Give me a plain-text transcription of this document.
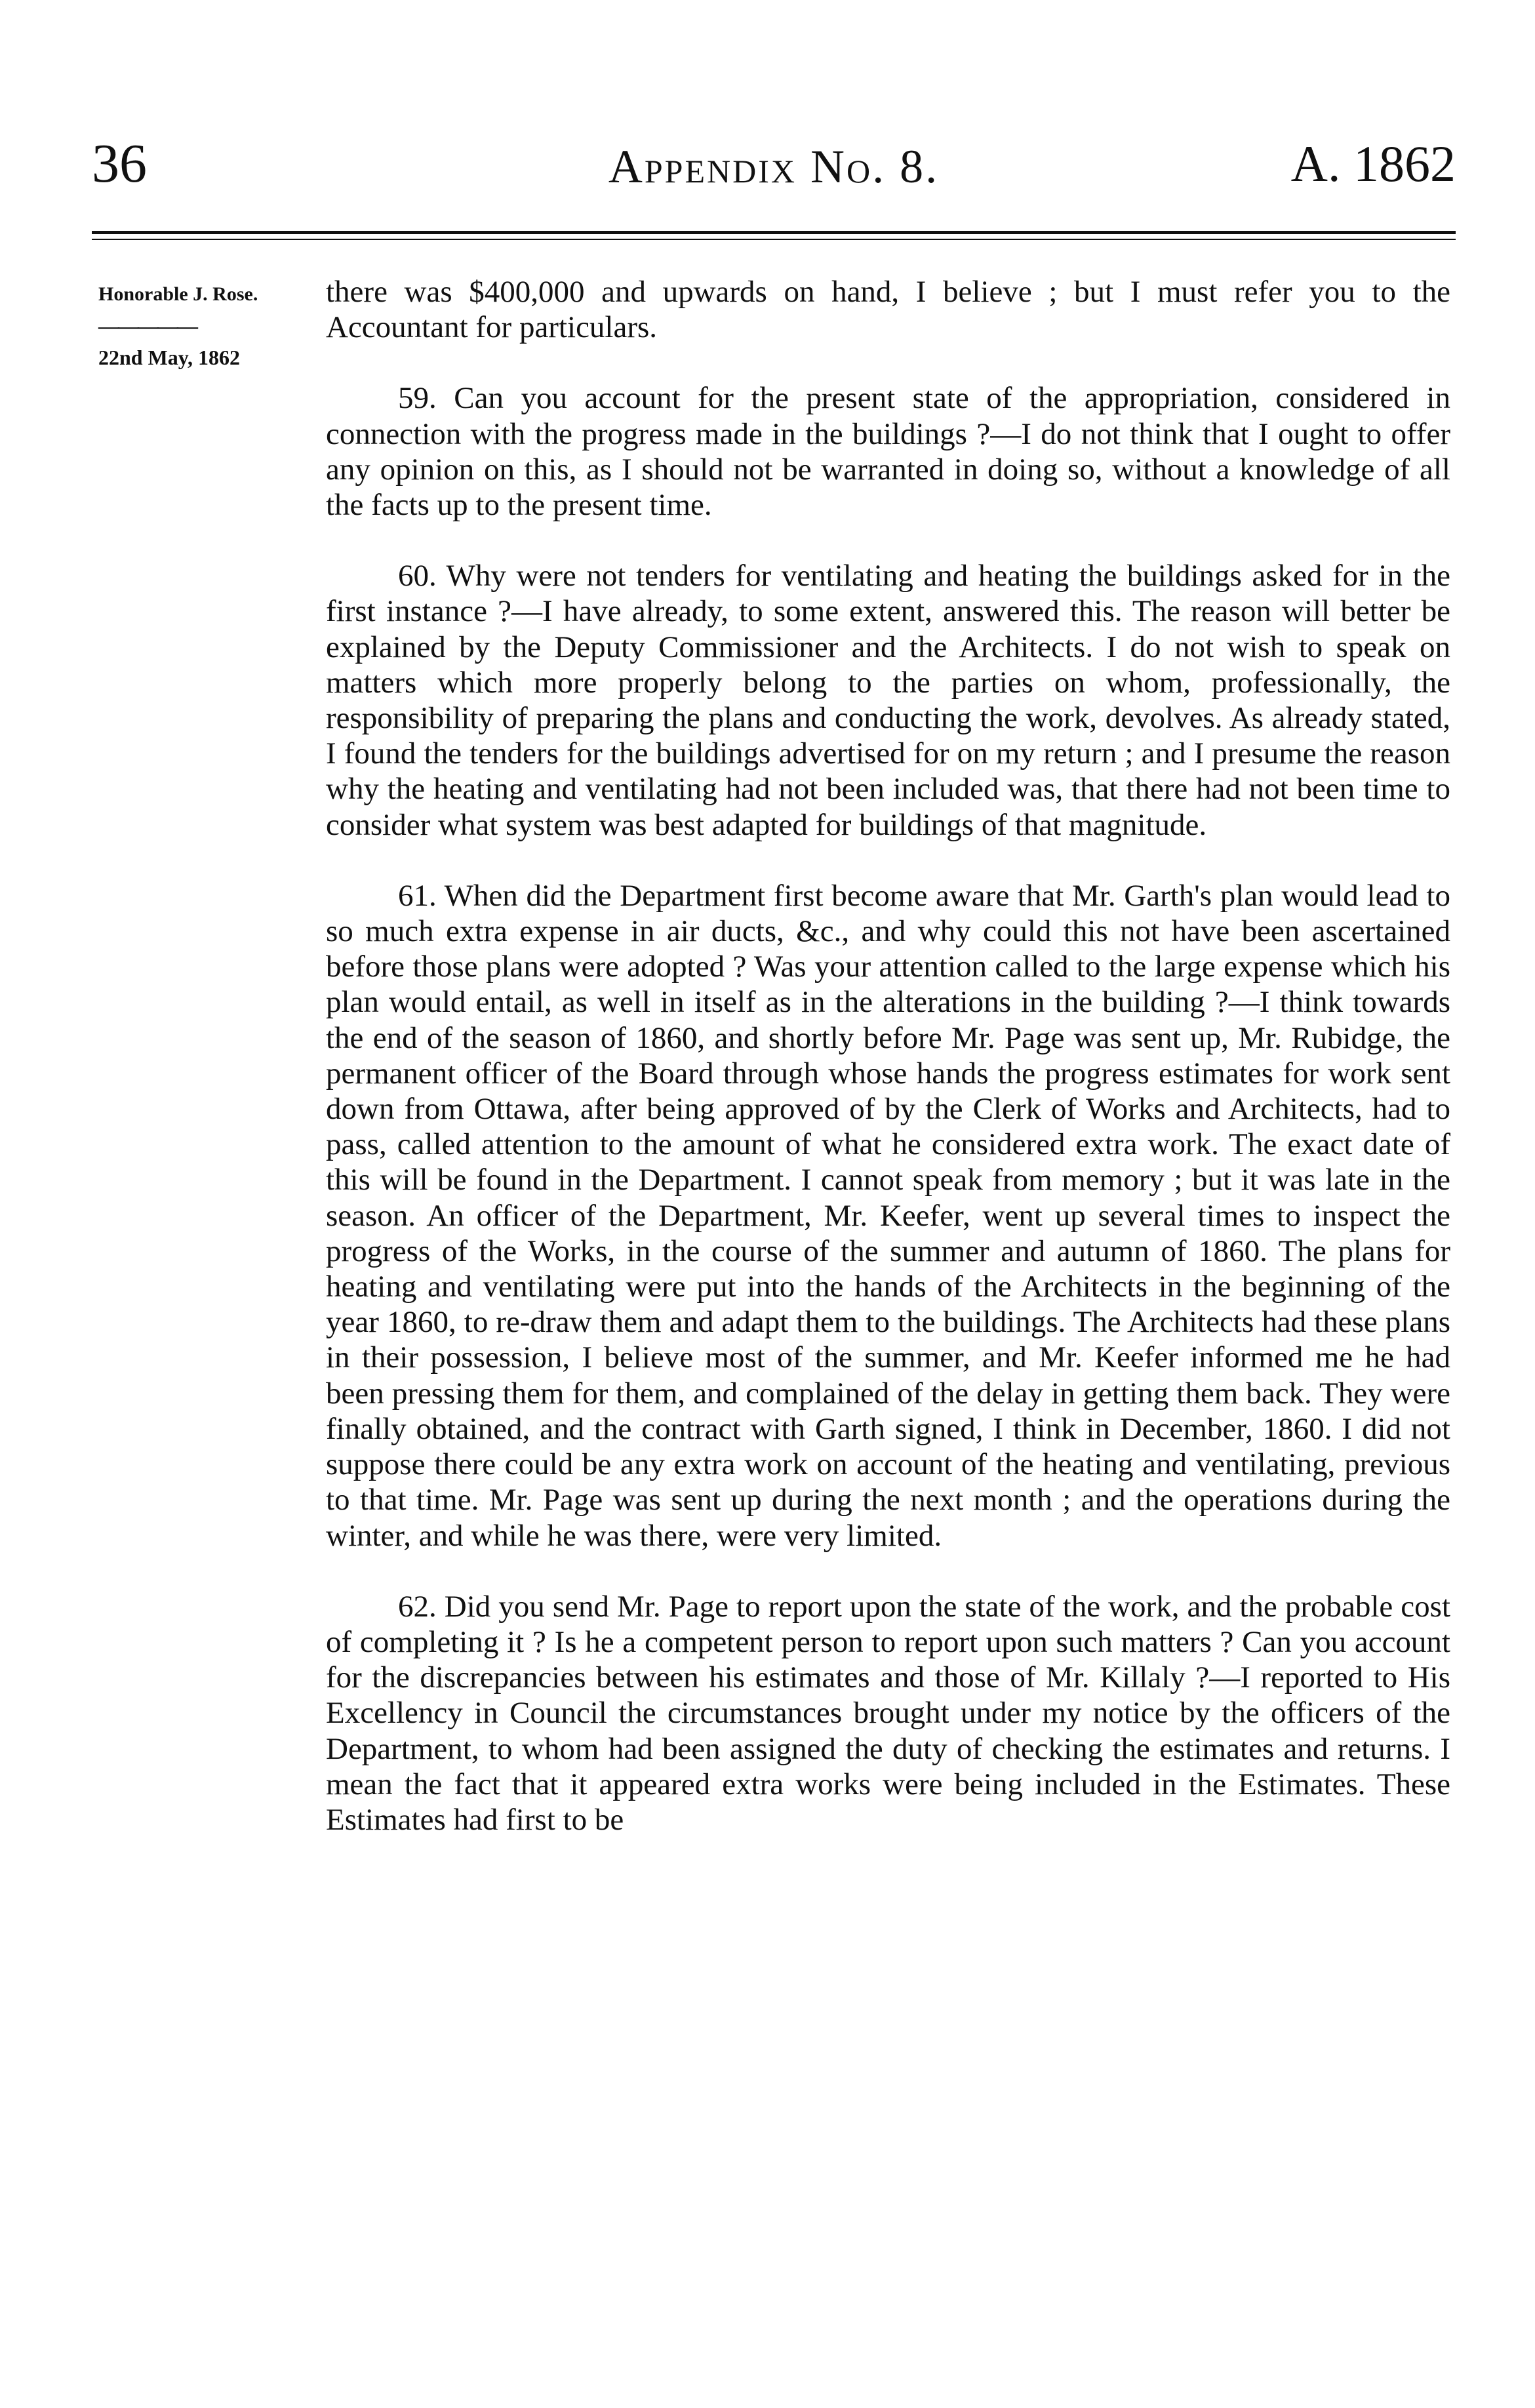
36	Appendix No. 8.	A. 1862
Honorable J. Rose.
—————
22nd May, 1862

there was $400,000 and upwards on hand, I believe ; but I must refer you to the Accountant for particulars.

59. Can you account for the present state of the appropriation, considered in connection with the progress made in the buildings ?—I do not think that I ought to offer any opinion on this, as I should not be warranted in doing so, without a knowledge of all the facts up to the present time.

60. Why were not tenders for ventilating and heating the buildings asked for in the first instance ?—I have already, to some extent, answered this. The reason will better be explained by the Deputy Commissioner and the Architects. I do not wish to speak on matters which more properly belong to the parties on whom, professionally, the responsibility of preparing the plans and conducting the work, devolves. As already stated, I found the tenders for the buildings advertised for on my return ; and I presume the reason why the heating and ventilating had not been included was, that there had not been time to consider what system was best adapted for buildings of that magnitude.

61. When did the Department first become aware that Mr. Garth's plan would lead to so much extra expense in air ducts, &c., and why could this not have been ascertained before those plans were adopted ? Was your attention called to the large expense which his plan would entail, as well in itself as in the alterations in the building ?—I think towards the end of the season of 1860, and shortly before Mr. Page was sent up, Mr. Rubidge, the permanent officer of the Board through whose hands the progress estimates for work sent down from Ottawa, after being approved of by the Clerk of Works and Architects, had to pass, called attention to the amount of what he considered extra work. The exact date of this will be found in the Department. I cannot speak from memory ; but it was late in the season. An officer of the Department, Mr. Keefer, went up several times to inspect the progress of the Works, in the course of the summer and autumn of 1860. The plans for heating and ventilating were put into the hands of the Architects in the beginning of the year 1860, to re-draw them and adapt them to the buildings. The Architects had these plans in their possession, I believe most of the summer, and Mr. Keefer informed me he had been pressing them for them, and complained of the delay in getting them back. They were finally obtained, and the contract with Garth signed, I think in December, 1860. I did not suppose there could be any extra work on account of the heating and ventilating, previous to that time. Mr. Page was sent up during the next month ; and the operations during the winter, and while he was there, were very limited.

62. Did you send Mr. Page to report upon the state of the work, and the probable cost of completing it ? Is he a competent person to report upon such matters ? Can you account for the discrepancies between his estimates and those of Mr. Killaly ?—I reported to His Excellency in Council the circumstances brought under my notice by the officers of the Department, to whom had been assigned the duty of checking the estimates and returns. I mean the fact that it appeared extra works were being included in the Estimates. These Estimates had first to be
